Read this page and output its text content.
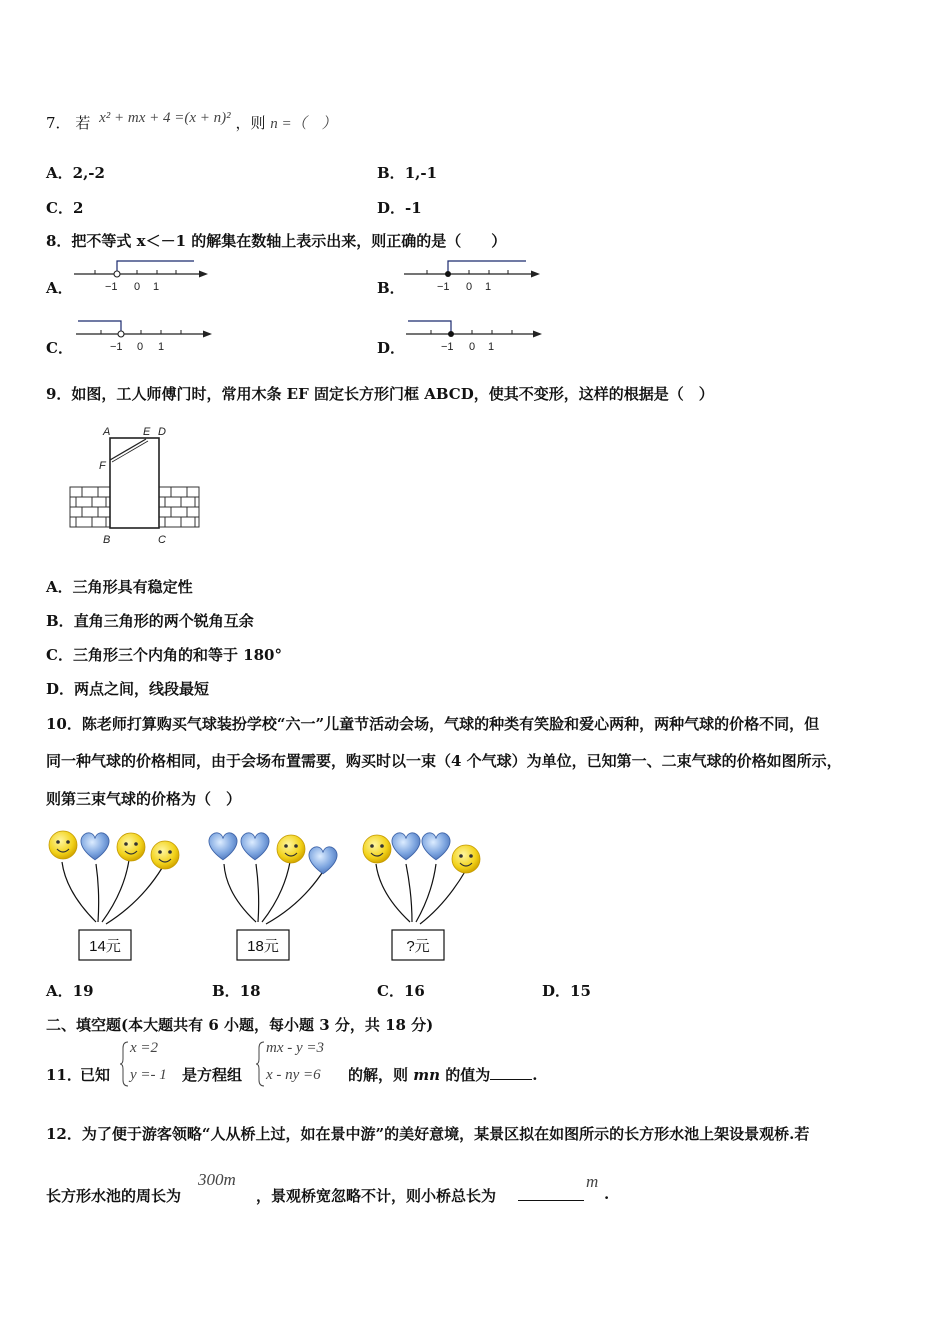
7． 若 x² + mx + 4 =(x + n)² ，则 n =（　）
A．2,-2	B．1,-1
C．2	D．-1
8．把不等式 x＜－1 的解集在数轴上表示出来，则正确的是（　　）
A．	−1 0 1	B．	−1 0 1
C．	−1 0 1	D．	−1 0 1
9．如图，工人师傅门时，常用木条 EF 固定长方形门框 ABCD，使其不变形，这样的根据是（　）
A	E D
F
B	C
A．三角形具有稳定性
B．直角三角形的两个锐角互余
C．三角形三个内角的和等于 180°
D．两点之间，线段最短
10．陈老师打算购买气球装扮学校“六一”儿童节活动会场，气球的种类有笑脸和爱心两种，两种气球的价格不同，但
同一种气球的价格相同，由于会场布置需要，购买时以一束（4 个气球）为单位，已知第一、二束气球的价格如图所示，
则第三束气球的价格为（　）
14元	18元	?元
A．19	B．18	C．16	D．15
二、填空题(本大题共有 6 小题，每小题 3 分，共 18 分)
11．
已知
x =2
y =- 1 是方程组
mx - y =3
x - ny =6 的解，则 mn 的值为	.
12．为了便于游客领略“人从桥上过，如在景中游”的美好意境，某景区拟在如图所示的长方形水池上架设景观桥.若
长方形水池的周长为
300m
，景观桥宽忽略不计，则小桥总长为
m
.
